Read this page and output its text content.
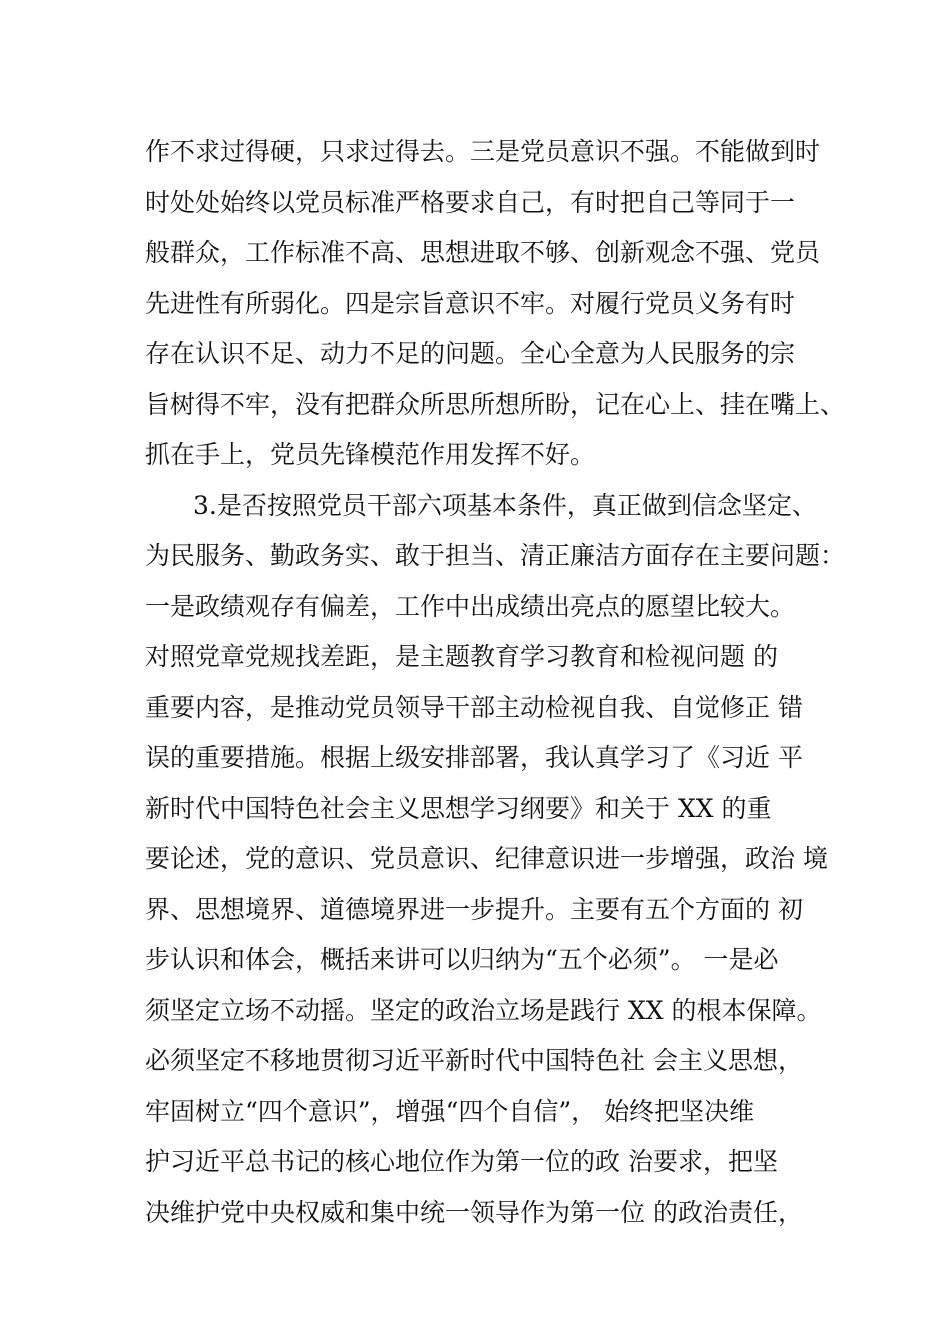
作不求过得硬，只求过得去。三是党员意识不强。不能做到时
时处处始终以党员标准严格要求自己，有时把自己等同于一
般群众，工作标准不高、思想进取不够、创新观念不强、党员
先进性有所弱化。四是宗旨意识不牢。对履行党员义务有时
存在认识不足、动力不足的问题。全心全意为人民服务的宗
旨树得不牢，没有把群众所思所想所盼，记在心上、挂在嘴上、
抓在手上，党员先锋模范作用发挥不好。
3.是否按照党员干部六项基本条件，真正做到信念坚定、
为民服务、勤政务实、敢于担当、清正廉洁方面存在主要问题：
一是政绩观存有偏差，工作中出成绩出亮点的愿望比较大。
对照党章党规找差距，是主题教育学习教育和检视问题 的
重要内容，是推动党员领导干部主动检视自我、自觉修正 错
误的重要措施。根据上级安排部署，我认真学习了《习近 平
新时代中国特色社会主义思想学习纲要》和关于 XX 的重
要论述，党的意识、党员意识、纪律意识进一步增强，政治 境
界、思想境界、道德境界进一步提升。主要有五个方面的 初
步认识和体会，概括来讲可以归纳为“五个必须”。 一是必
须坚定立场不动摇。坚定的政治立场是践行 XX 的根本保障。
必须坚定不移地贯彻习近平新时代中国特色社 会主义思想，
牢固树立“四个意识”，增强“四个自信”， 始终把坚决维
护习近平总书记的核心地位作为第一位的政 治要求，把坚
决维护党中央权威和集中统一领导作为第一位 的政治责任，
